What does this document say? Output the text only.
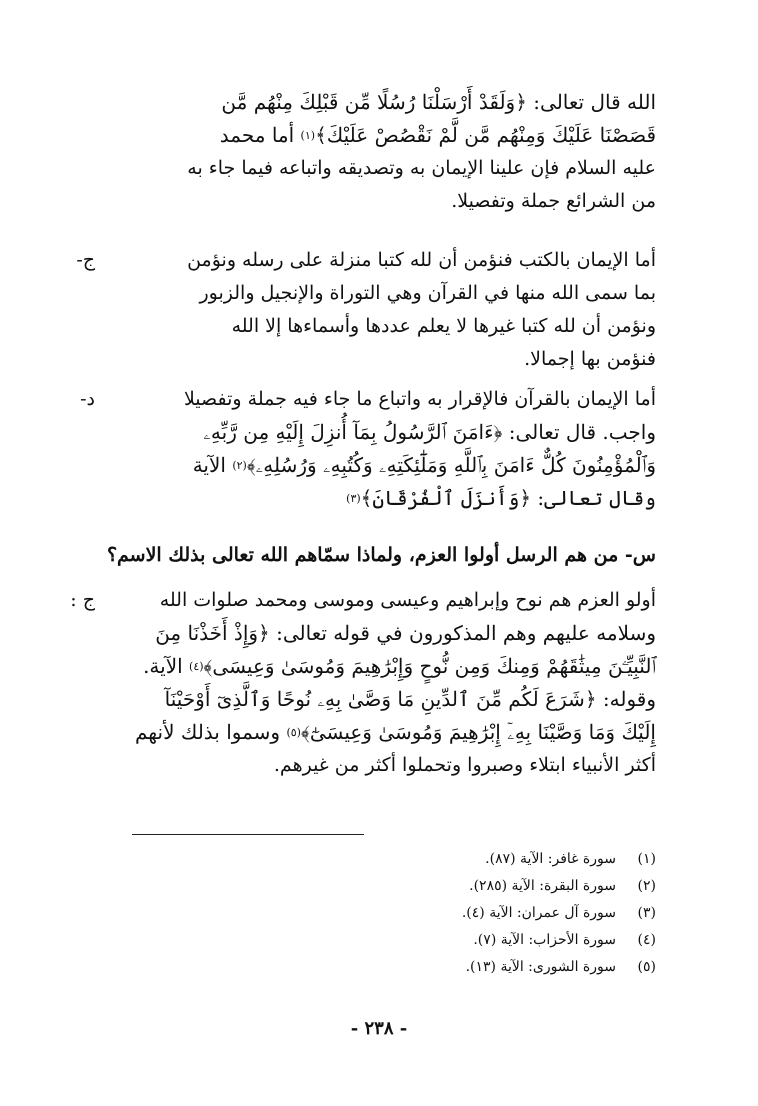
الله قال تعالى: ﴿وَلَقَدْ أَرْسَلْنَا رُسُلًا مِّن قَبْلِكَ مِنْهُم مَّن
قَصَصْنَا عَلَيْكَ وَمِنْهُم مَّن لَّمْ نَقْصُصْ عَلَيْكَ﴾$^{(١)}$ أما محمد
عليه السلام فإن علينا الإيمان به وتصديقه واتباعه فيما جاء به
من الشرائع جملة وتفصيلا.
ج-	أما الإيمان بالكتب فنؤمن أن لله كتبا منزلة على رسله ونؤمن
بما سمى الله منها في القرآن وهي التوراة والإنجيل والزبور
ونؤمن أن لله كتبا غيرها لا يعلم عددها وأسماءها إلا الله
فنؤمن بها إجمالا.
د-	أما الإيمان بالقرآن فالإقرار به واتباع ما جاء فيه جملة وتفصيلا
واجب. قال تعالى: ﴿ءَامَنَ ٱلرَّسُولُ بِمَآ أُنزِلَ إِلَيْهِ مِن رَّبِّهِۦ
وَٱلْمُؤْمِنُونَ كُلٌّ ءَامَنَ بِٱللَّهِ وَمَلَٰٓئِكَتِهِۦ وَكُتُبِهِۦ وَرُسُلِهِۦ﴾$^{(٢)}$ الآية
وقال تعالى: ﴿وَأَنزَلَ ٱلْفُرْقَانَ﴾$^{(٣)}$
س- من هم الرسل أولوا العزم، ولماذا سمّاهم الله تعالى بذلك الاسم؟
ج :	أولو العزم هم نوح وإبراهيم وعيسى وموسى ومحمد صلوات الله
وسلامه عليهم وهم المذكورون في قوله تعالى: ﴿وَإِذْ أَخَذْنَا مِنَ
ٱلنَّبِيِّـۧنَ مِيثَٰقَهُمْ وَمِنكَ وَمِن نُّوحٍ وَإِبْرَٰهِيمَ وَمُوسَىٰ وَعِيسَى﴾$^{(٤)}$ الآية.
وقوله: ﴿شَرَعَ لَكُم مِّنَ ٱلدِّينِ مَا وَصَّىٰ بِهِۦ نُوحًا وَٱلَّذِىٓ أَوْحَيْنَآ
إِلَيْكَ وَمَا وَصَّيْنَا بِهِۦٓ إِبْرَٰهِيمَ وَمُوسَىٰ وَعِيسَىٰٓ﴾$^{(٥)}$ وسموا بذلك لأنهم
أكثر الأنبياء ابتلاء وصبروا وتحملوا أكثر من غيرهم.
(١)سورة غافر: الآية (٨٧).
(٢)سورة البقرة: الآية (٢٨٥).
(٣)سورة آل عمران: الآية (٤).
(٤)سورة الأحزاب: الآية (٧).
(٥)سورة الشورى: الآية (١٣).
- ٢٣٨ -
